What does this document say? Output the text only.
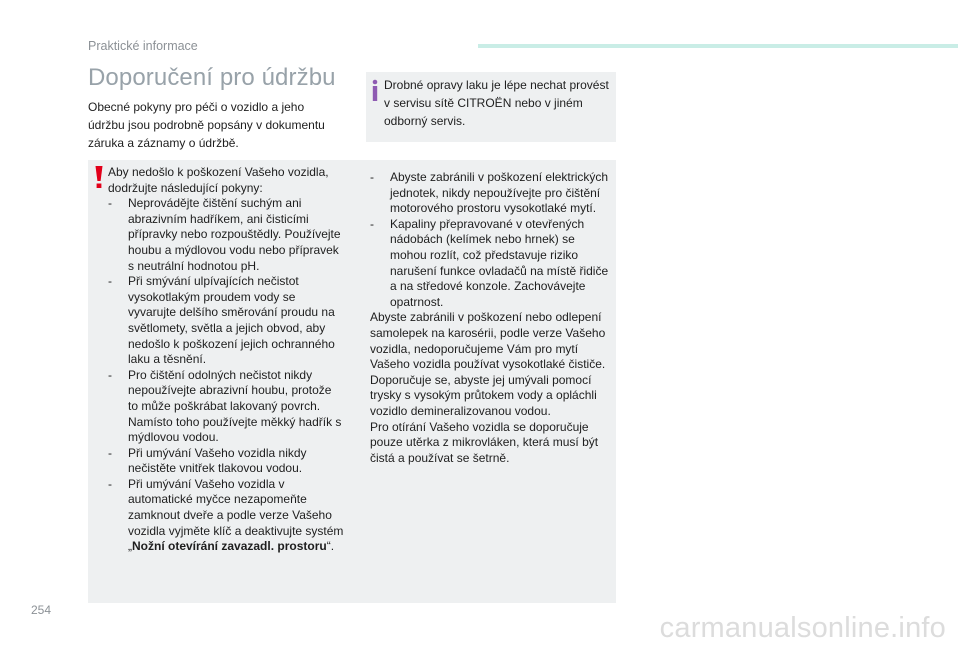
Praktické informace
Doporučení pro údržbu
Obecné pokyny pro péči o vozidlo a jeho údržbu jsou podrobně popsány v dokumentu záruka a záznamy o údržbě.
Drobné opravy laku je lépe nechat provést v servisu sítě CITROËN nebo v jiném odborný servis.

Aby nedošlo k poškození Vašeho vozidla, dodržujte následující pokyny:

- Neprovádějte čištění suchým ani abrazivním hadříkem, ani čisticími přípravky nebo rozpouštědly. Používejte houbu a mýdlovou vodu nebo přípravek s neutrální hodnotou pH.
- Při smývání ulpívajících nečistot vysokotlakým proudem vody se vyvarujte delšího směrování proudu na světlomety, světla a jejich obvod, aby nedošlo k poškození jejich ochranného laku a těsnění.
- Pro čištění odolných nečistot nikdy nepoužívejte abrazivní houbu, protože to může poškrábat lakovaný povrch. Namísto toho používejte měkký hadřík s mýdlovou vodou.
- Při umývání Vašeho vozidla nikdy nečistěte vnitřek tlakovou vodou.
- Při umývání Vašeho vozidla v automatické myčce nezapomeňte zamknout dveře a podle verze Vašeho vozidla vyjměte klíč a deaktivujte systém „Nožní otevírání zavazadl. prostoru“.
- Abyste zabránili v poškození elektrických jednotek, nikdy nepoužívejte pro čištění motorového prostoru vysokotlaké mytí.
- Kapaliny přepravované v otevřených nádobách (kelímek nebo hrnek) se mohou rozlít, což představuje riziko narušení funkce ovladačů na místě řidiče a na středové konzole. Zachovávejte opatrnost.

Abyste zabránili v poškození nebo odlepení samolepek na karosérii, podle verze Vašeho vozidla, nedoporučujeme Vám pro mytí Vašeho vozidla používat vysokotlaké čističe.

Doporučuje se, abyste jej umývali pomocí trysky s vysokým průtokem vody a opláchli vozidlo demineralizovanou vodou.

Pro otírání Vašeho vozidla se doporučuje pouze utěrka z mikrovláken, která musí být čistá a používat se šetrně.

254
carmanualsonline.info
